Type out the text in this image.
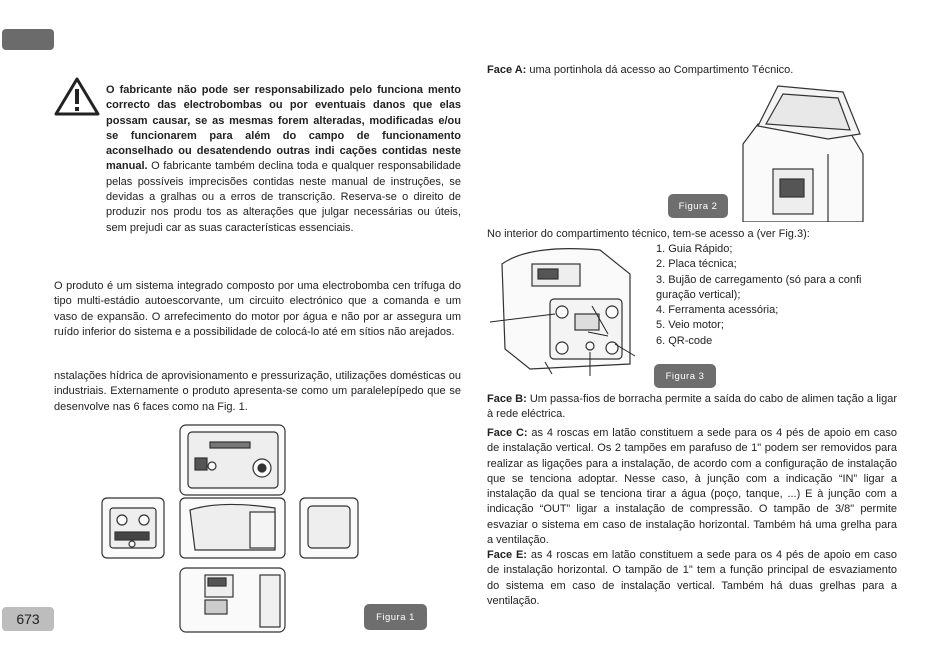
O fabricante não pode ser responsabilizado pelo funciona mento correcto das electrobombas ou por eventuais danos que elas possam causar, se as mesmas forem alteradas, modificadas e/ou se funcionarem para além do campo de funcionamento aconselhado ou desatendendo outras indi cações contidas neste manual. O fabricante também declina toda e qualquer responsabilidade pelas possíveis imprecisões contidas neste manual de instruções, se devidas a gralhas ou a erros de transcrição. Reserva-se o direito de produzir nos produ tos as alterações que julgar necessárias ou úteis, sem prejudi car as suas características essenciais.

O produto é um sistema integrado composto por uma electrobomba cen trífuga do tipo multi-estádio autoescorvante, um circuito electrónico que a comanda e um vaso de expansão. O arrefecimento do motor por água e não por ar assegura um ruído inferior do sistema e a possibilidade de colocá-lo até em sítios não arejados.

nstalações hídrica de aprovisionamento e pressurização, utilizações domésticas ou industriais. Externamente o produto apresenta-se como um paralelepípedo que se desenvolve nas 6 faces como na Fig. 1.

Figura 1
673

Face A: uma portinhola dá acesso ao Compartimento Técnico.

Figura 2

No interior do compartimento técnico, tem-se acesso a (ver Fig.3):

Figura 3
1. Guia Rápido;
2. Placa técnica;
3. Bujão de carregamento (só para a confi
guração vertical);
4. Ferramenta acessória;
5. Veio motor;
6. QR-code

Face B: Um passa-fios de borracha permite a saída do cabo de alimen tação a ligar à rede eléctrica.

Face C: as 4 roscas em latão constituem a sede para os 4 pés de apoio em caso de instalação vertical. Os 2 tampões em parafuso de 1" podem ser removidos para realizar as ligações para a instalação, de acordo com a configuração de instalação que se tenciona adoptar. Nesse caso, à junção com a indicação “IN” ligar a instalação da qual se tenciona tirar a água (poço, tanque, ...) E à junção com a indicação “OUT” ligar a instalação de compressão. O tampão de 3/8" permite esvaziar o sistema em caso de instalação horizontal. Também há uma grelha para a ventilação.

Face E: as 4 roscas em latão constituem a sede para os 4 pés de apoio em caso de instalação horizontal. O tampão de 1" tem a função principal de esvaziamento do sistema em caso de instalação vertical. Também há duas grelhas para a ventilação.
